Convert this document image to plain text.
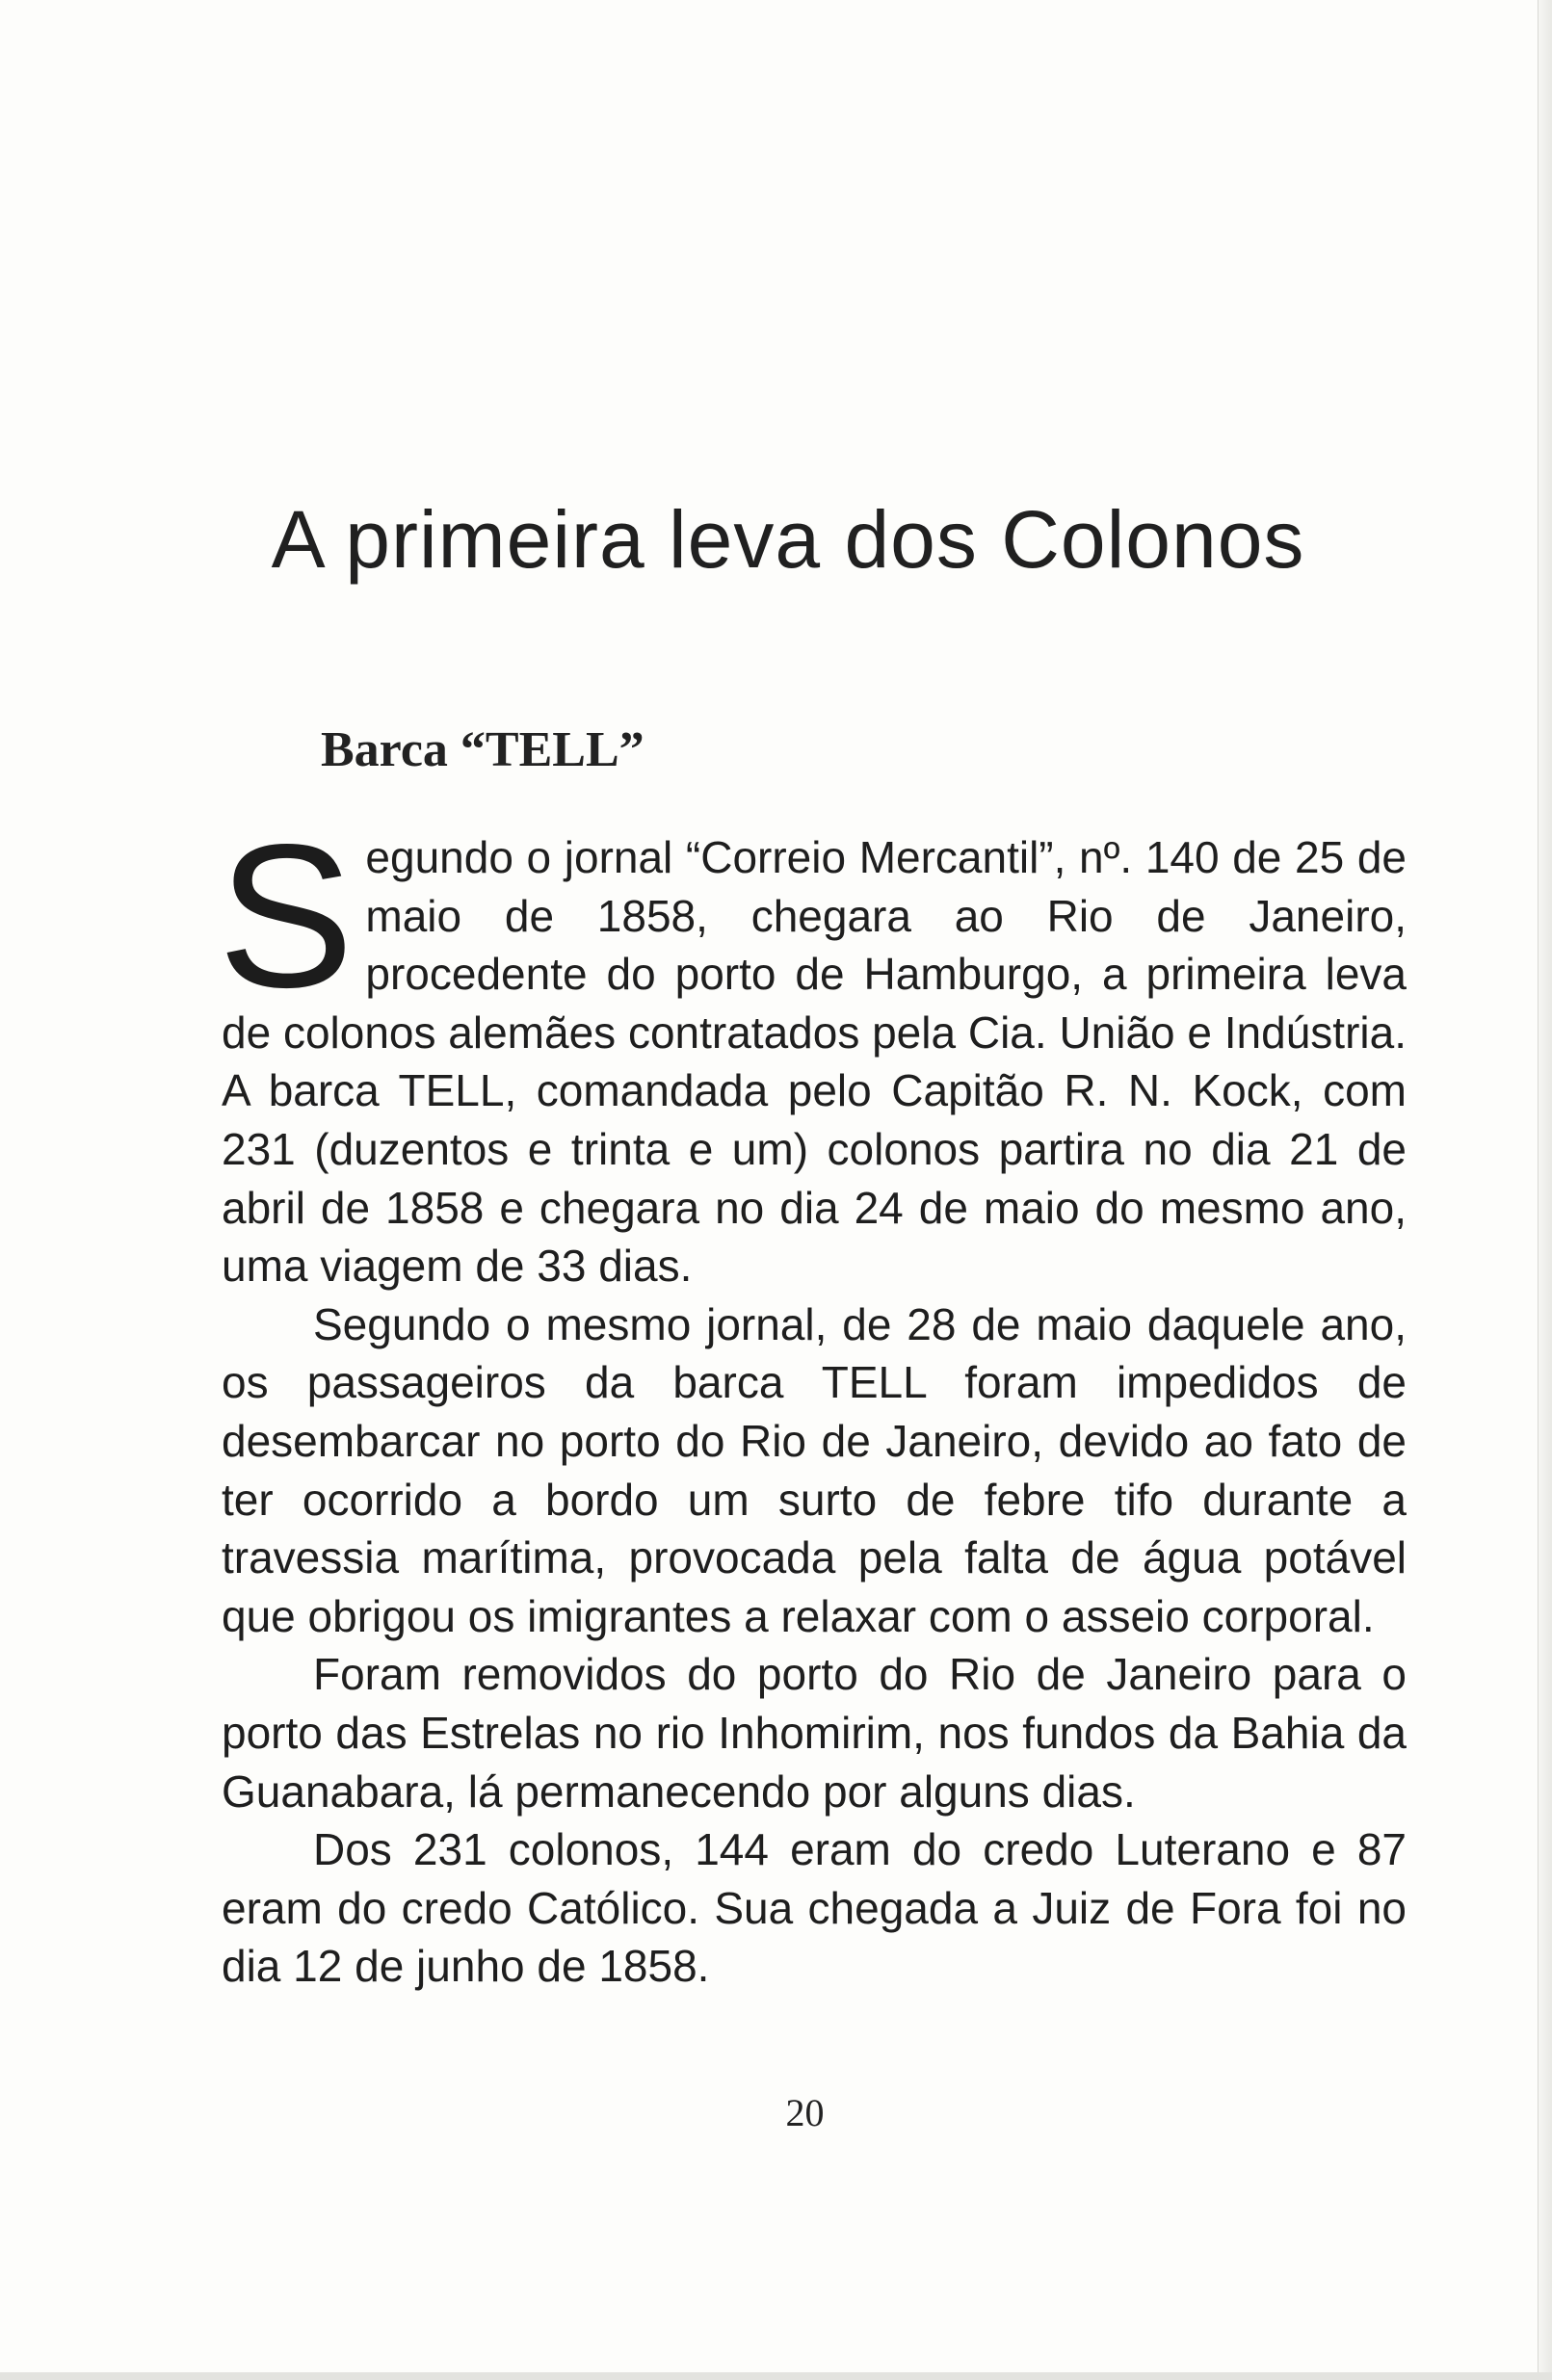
A primeira leva dos Colonos
Barca “TELL”

Segundo o jornal “Correio Mercantil”, nº. 140 de 25 de maio de 1858, chegara ao Rio de Janeiro, procedente do porto de Hamburgo, a primeira leva de colonos alemães contratados pela Cia. União e Indústria. A barca TELL, comandada pelo Capitão R. N. Kock, com 231 (duzentos e trinta e um) colonos partira no dia 21 de abril de 1858 e chegara no dia 24 de maio do mesmo ano, uma viagem de 33 dias.

Segundo o mesmo jornal, de 28 de maio daquele ano, os passageiros da barca TELL foram impedidos de desembarcar no porto do Rio de Janeiro, devido ao fato de ter ocorrido a bordo um surto de febre tifo durante a travessia marítima, provocada pela falta de água potável que obrigou os imigrantes a relaxar com o asseio corporal.

Foram removidos do porto do Rio de Janeiro para o porto das Estrelas no rio Inhomirim, nos fundos da Bahia da Guanabara, lá permanecendo por alguns dias.

Dos 231 colonos, 144 eram do credo Luterano e 87 eram do credo Católico. Sua chegada a Juiz de Fora foi no dia 12 de junho de 1858.

20
